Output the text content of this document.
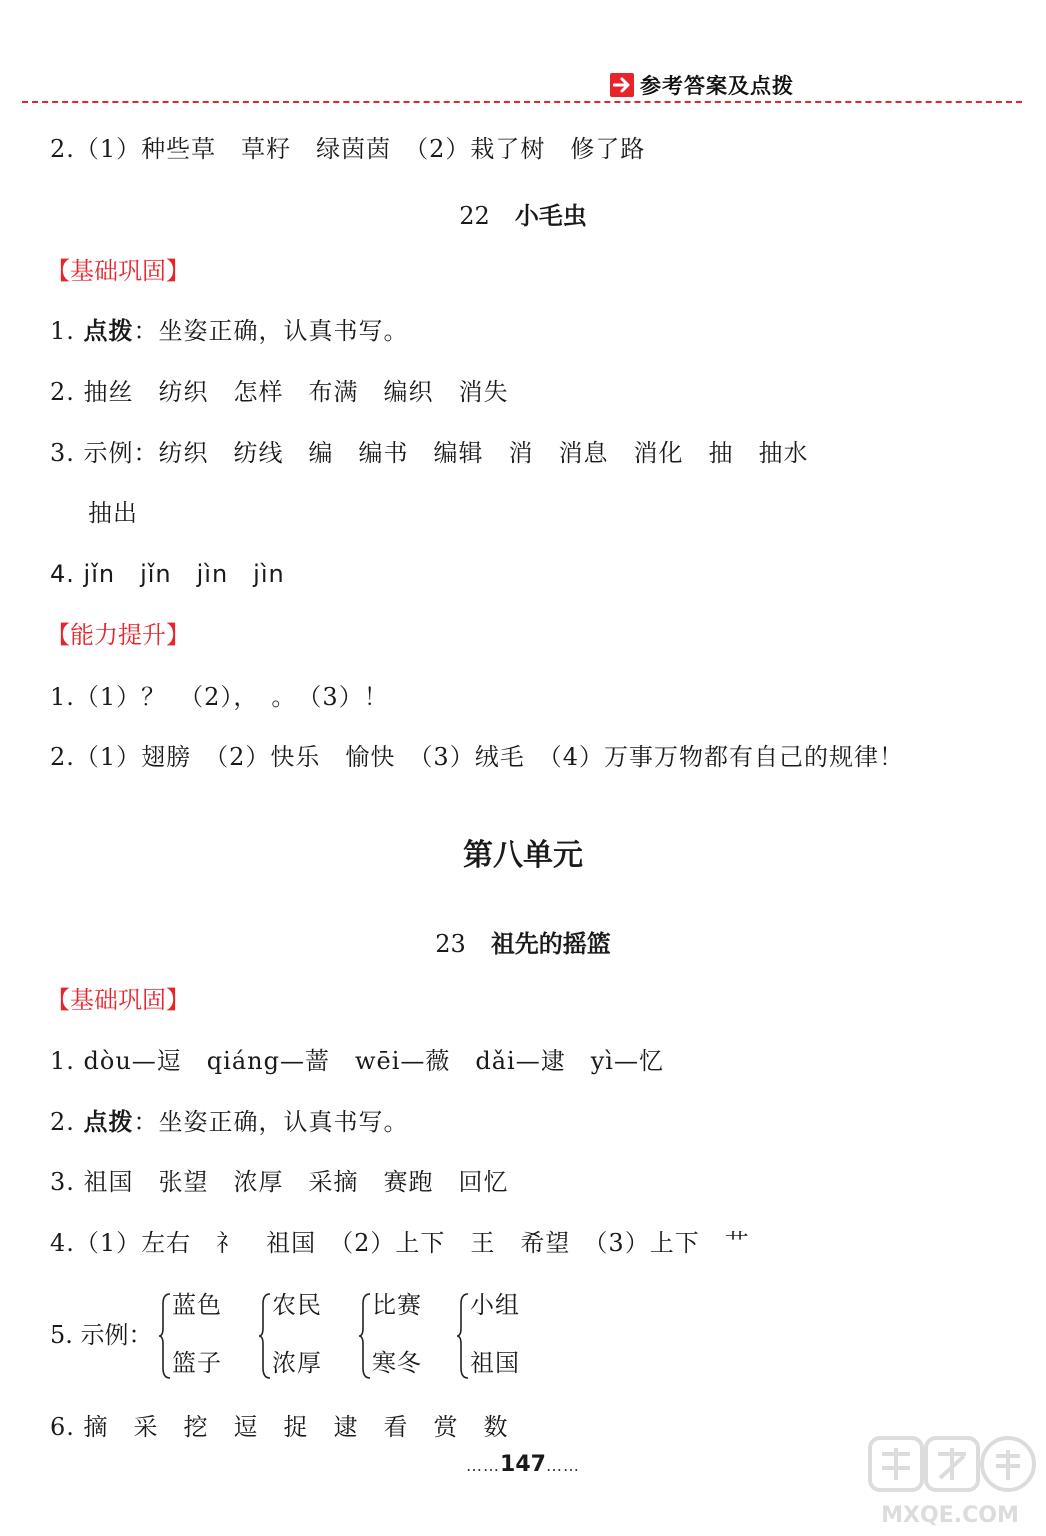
参考答案及点拨
2.（1）种些草　草籽　绿茵茵　（2）栽了树　修了路
22 小毛虫
【基础巩固】
1. 点拨：坐姿正确，认真书写。
2. 抽丝　纺织　怎样　布满　编织　消失
3. 示例：纺织　纺线　编　编书　编辑　消　消息　消化　抽　抽水
抽出
4. jǐn　jǐn　jìn　jìn
【能力提升】
1.（1）？　（2），　。　（3）！
2.（1）翅膀　（2）快乐　愉快　（3）绒毛　（4）万事万物都有自己的规律！
第八单元
23 祖先的摇篮
【基础巩固】
1. dòu—逗　qiáng—蔷　wēi—薇　dǎi—逮　yì—忆
2. 点拨：坐姿正确，认真书写。
3. 祖国　张望　浓厚　采摘　赛跑　回忆
4.（1）左右　礻　祖国　（2）上下　王　希望　（3）上下　艹
5. 示例：
蓝色
篮子
农民
浓厚
比赛
寒冬
小组
祖国
6. 摘　采　挖　逗　捉　逮　看　赏　数
……147……
MXQE.COM
